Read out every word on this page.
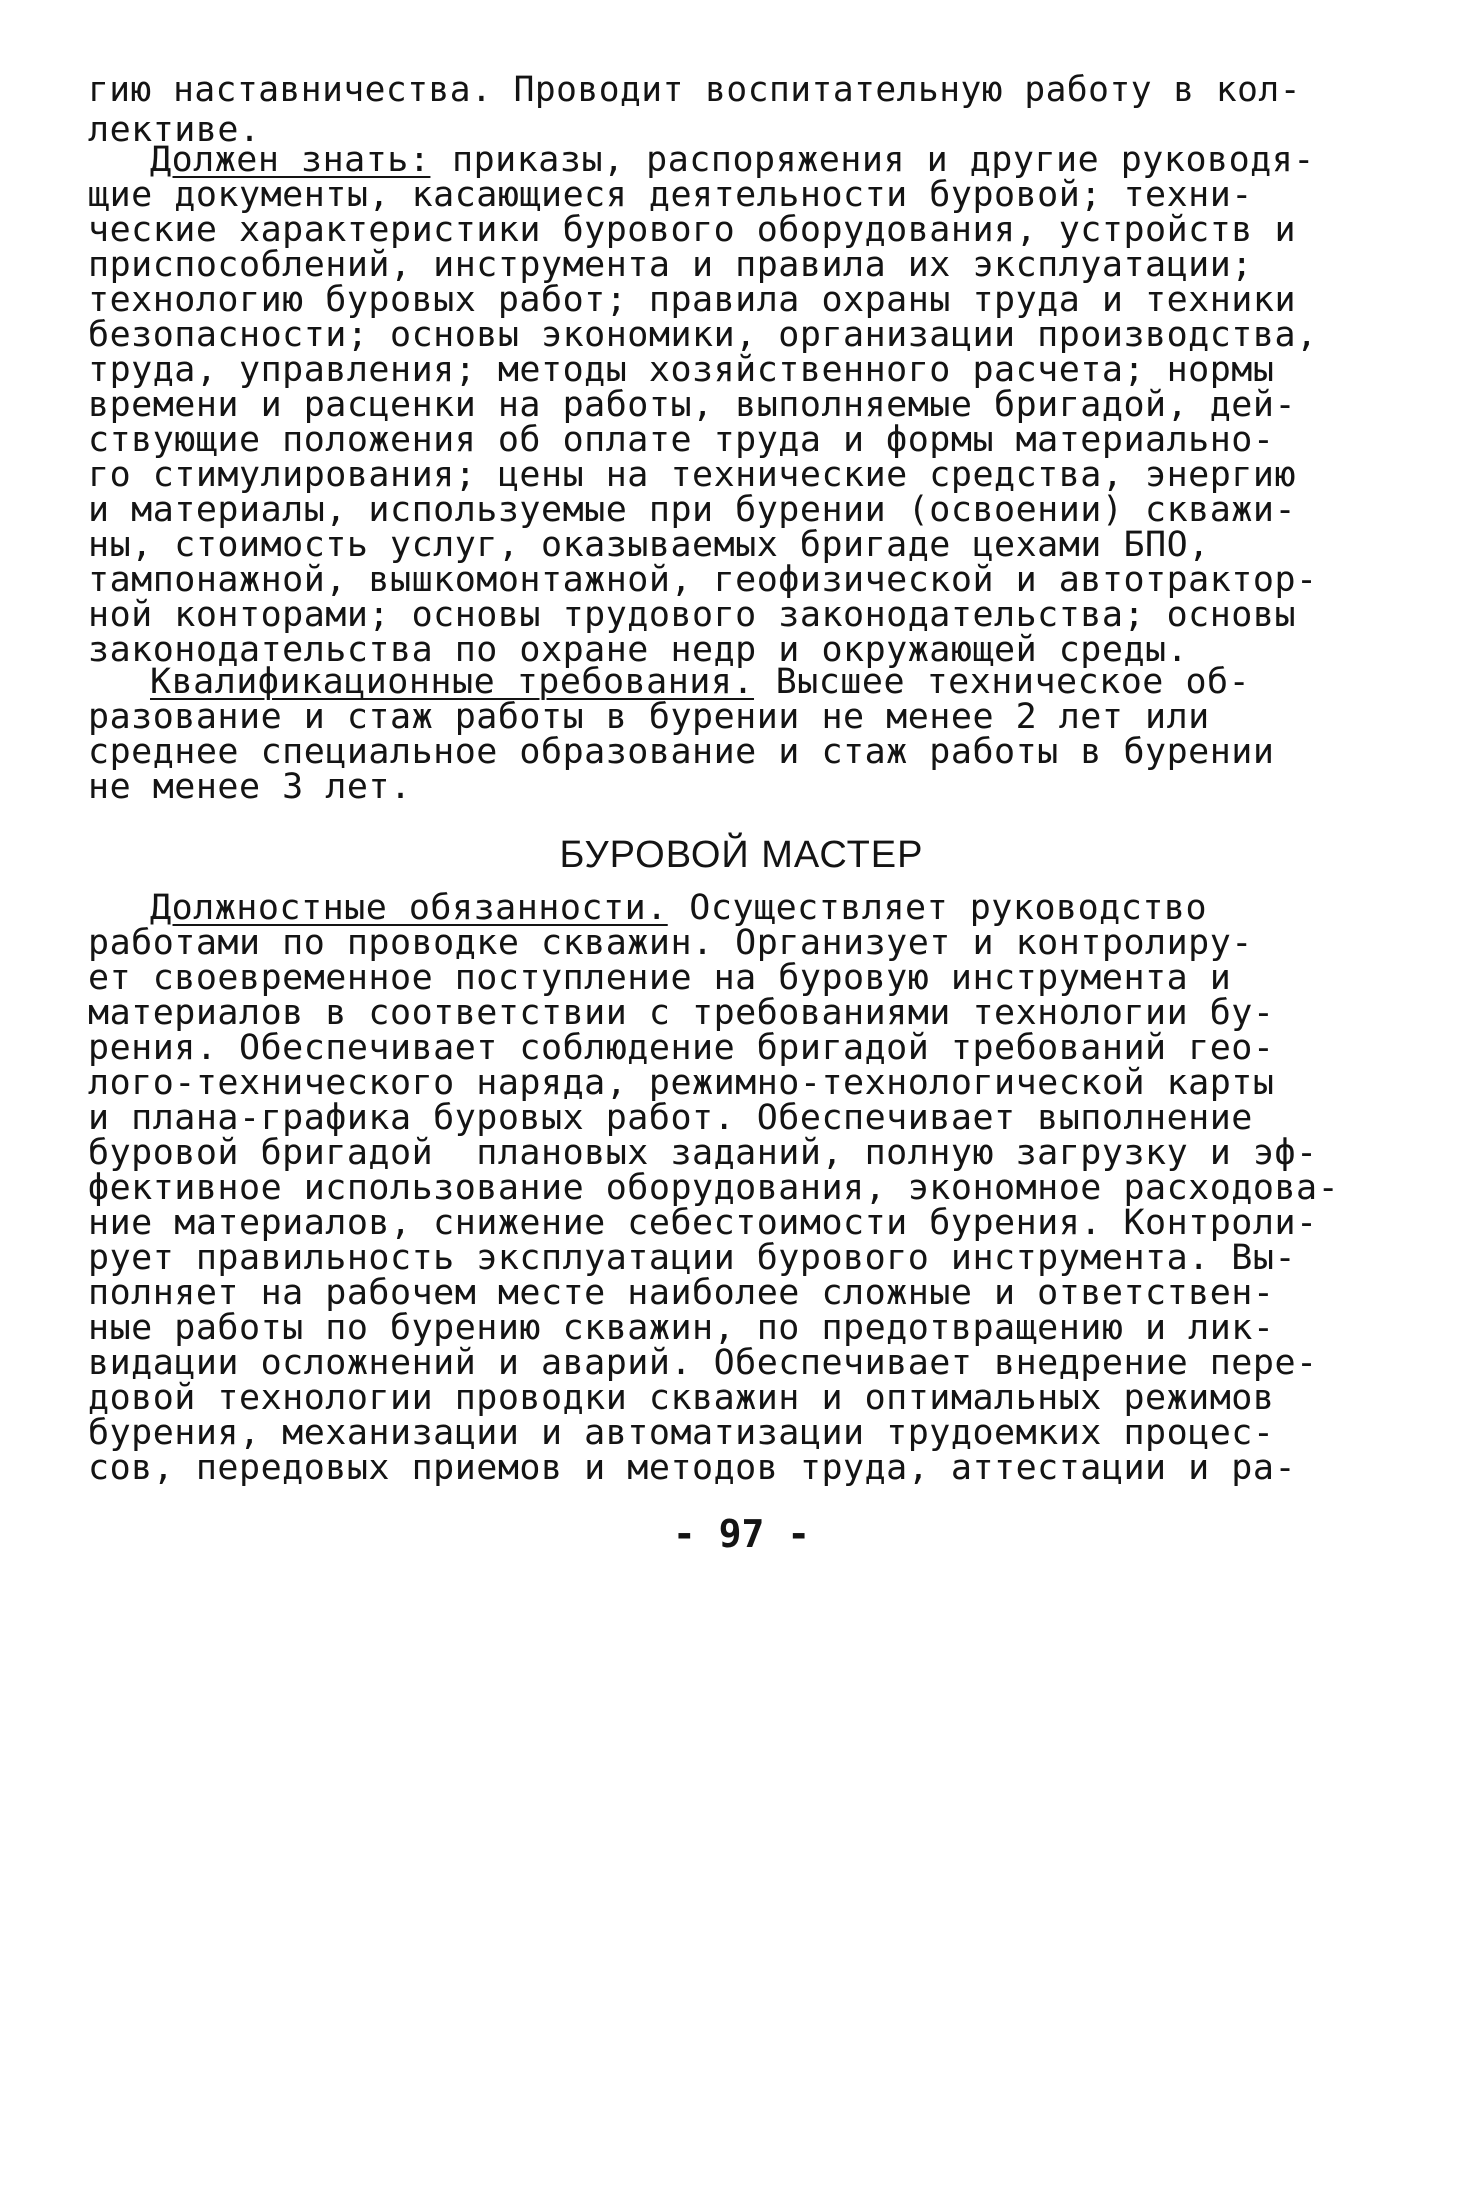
гию наставничества. Проводит воспитательную работу в кол-
лективе.
Должен знать: приказы, распоряжения и другие руководя-
щие документы, касающиеся деятельности буровой; техни-
ческие характеристики бурового оборудования, устройств и
приспособлений, инструмента и правила их эксплуатации;
технологию буровых работ; правила охраны труда и техники
безопасности; основы экономики, организации производства,
труда, управления; методы хозяйственного расчета; нормы
времени и расценки на работы, выполняемые бригадой, дей-
ствующие положения об оплате труда и формы материально-
го стимулирования; цены на технические средства, энергию
и материалы, используемые при бурении (освоении) скважи-
ны, стоимость услуг, оказываемых бригаде цехами БПО,
тампонажной, вышкомонтажной, геофизической и автотрактор-
ной конторами; основы трудового законодательства; основы
законодательства по охране недр и окружающей среды.
Квалификационные требования. Высшее техническое об-
разование и стаж работы в бурении не менее 2 лет или
среднее специальное образование и стаж работы в бурении
не менее 3 лет.
БУРОВОЙ МАСТЕР
Должностные обязанности. Осуществляет руководство
работами по проводке скважин. Организует и контролиру-
ет своевременное поступление на буровую инструмента и
материалов в соответствии с требованиями технологии бу-
рения. Обеспечивает соблюдение бригадой требований гео-
лого-технического наряда, режимно-технологической карты
и плана-графика буровых работ. Обеспечивает выполнение
буровой бригадой  плановых заданий, полную загрузку и эф-
фективное использование оборудования, экономное расходова-
ние материалов, снижение себестоимости бурения. Контроли-
рует правильность эксплуатации бурового инструмента. Вы-
полняет на рабочем месте наиболее сложные и ответствен-
ные работы по бурению скважин, по предотвращению и лик-
видации осложнений и аварий. Обеспечивает внедрение пере-
довой технологии проводки скважин и оптимальных режимов
бурения, механизации и автоматизации трудоемких процес-
сов, передовых приемов и методов труда, аттестации и ра-
- 97 -
